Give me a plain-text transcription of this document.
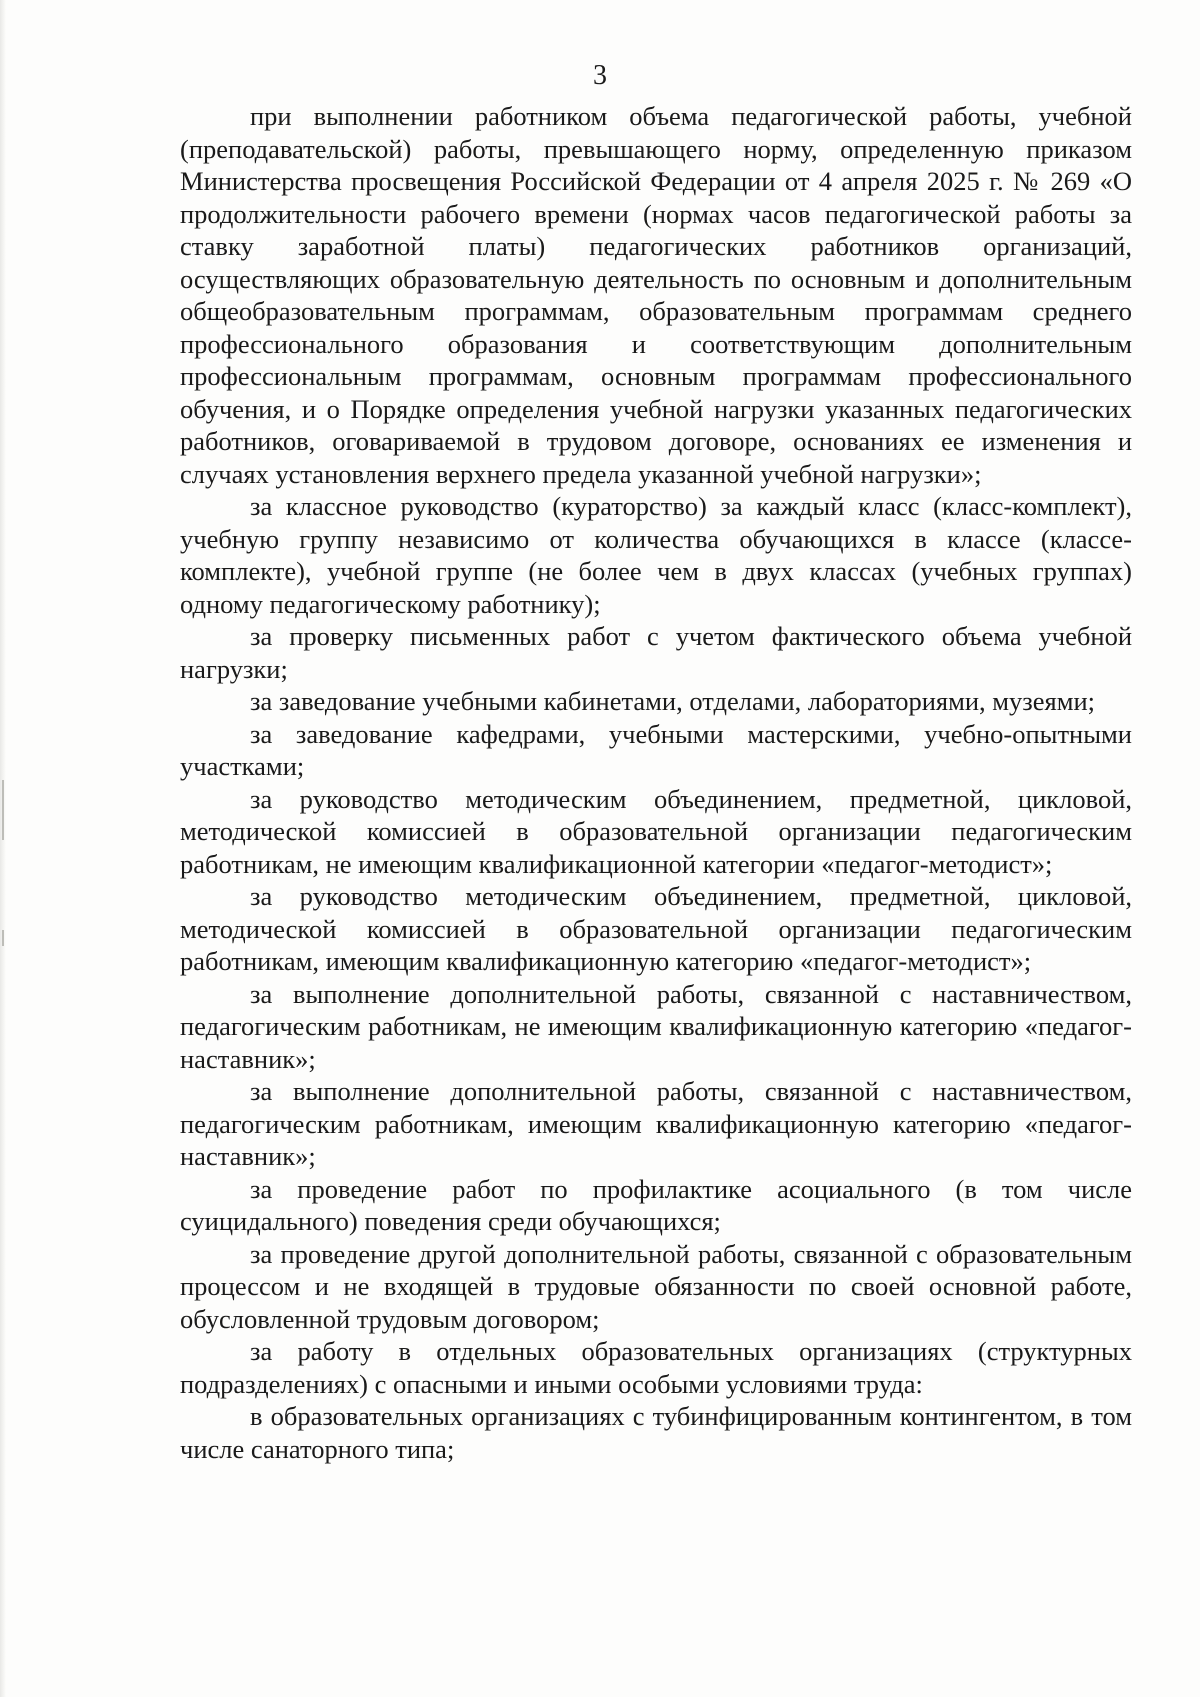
3

при выполнении работником объема педагогической работы, учебной (преподавательской) работы, превышающего норму, определенную приказом Министерства просвещения Российской Федерации от 4 апреля 2025 г. № 269 «О продолжительности рабочего времени (нормах часов педагогической работы за ставку заработной платы) педагогических работников организаций, осуществляющих образовательную деятельность по основным и дополнительным общеобразовательным программам, образовательным программам среднего профессионального образования и соответствующим дополнительным профессиональным программам, основным программам профессионального обучения, и о Порядке определения учебной нагрузки указанных педагогических работников, оговариваемой в трудовом договоре, основаниях ее изменения и случаях установления верхнего предела указанной учебной нагрузки»;

за классное руководство (кураторство) за каждый класс (класс-комплект), учебную группу независимо от количества обучающихся в классе (классе-комплекте), учебной группе (не более чем в двух классах (учебных группах) одному педагогическому работнику);

за проверку письменных работ с учетом фактического объема учебной нагрузки;

за заведование учебными кабинетами, отделами, лабораториями, музеями;

за заведование кафедрами, учебными мастерскими, учебно-опытными участками;

за руководство методическим объединением, предметной, цикловой, методической комиссией в образовательной организации педагогическим работникам, не имеющим квалификационной категории «педагог-методист»;

за руководство методическим объединением, предметной, цикловой, методической комиссией в образовательной организации педагогическим работникам, имеющим квалификационную категорию «педагог-методист»;

за выполнение дополнительной работы, связанной с наставничеством, педагогическим работникам, не имеющим квалификационную категорию «педагог-наставник»;

за выполнение дополнительной работы, связанной с наставничеством, педагогическим работникам, имеющим квалификационную категорию «педагог-наставник»;

за проведение работ по профилактике асоциального (в том числе суицидального) поведения среди обучающихся;

за проведение другой дополнительной работы, связанной с образовательным процессом и не входящей в трудовые обязанности по своей основной работе, обусловленной трудовым договором;

за работу в отдельных образовательных организациях (структурных подразделениях) с опасными и иными особыми условиями труда:

в образовательных организациях с тубинфицированным контингентом, в том числе санаторного типа;
